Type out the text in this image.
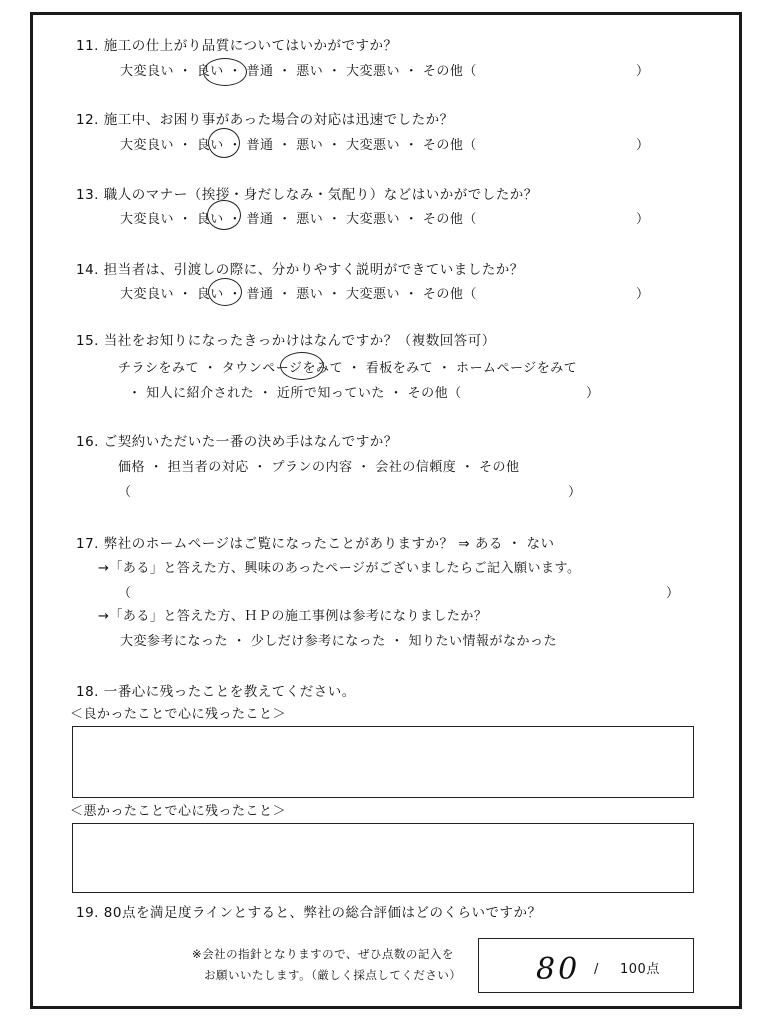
11. 施工の仕上がり品質についてはいかがですか？
大変良い ・ 良い ・ 普通 ・ 悪い ・ 大変悪い ・ その他（	）
12. 施工中、お困り事があった場合の対応は迅速でしたか？
大変良い ・ 良い ・ 普通 ・ 悪い ・ 大変悪い ・ その他（	）
13. 職人のマナー（挨拶・身だしなみ・気配り）などはいかがでしたか？
大変良い ・ 良い ・ 普通 ・ 悪い ・ 大変悪い ・ その他（	）
14. 担当者は、引渡しの際に、分かりやすく説明ができていましたか？
大変良い ・ 良い ・ 普通 ・ 悪い ・ 大変悪い ・ その他（	）
15. 当社をお知りになったきっかけはなんですか？（複数回答可）
チラシをみて ・ タウンページをみて ・ 看板をみて ・ ホームページをみて
・ 知人に紹介された ・ 近所で知っていた ・ その他（	）
16. ご契約いただいた一番の決め手はなんですか？
価格 ・ 担当者の対応 ・ プランの内容 ・ 会社の信頼度 ・ その他
（	）
17. 弊社のホームページはご覧になったことがありますか？ ⇒ ある ・ ない
→「ある」と答えた方、興味のあったページがございましたらご記入願います。
（	）
→「ある」と答えた方、ＨＰの施工事例は参考になりましたか？
大変参考になった ・ 少しだけ参考になった ・ 知りたい情報がなかった
18. 一番心に残ったことを教えてください。
＜良かったことで心に残ったこと＞
＜悪かったことで心に残ったこと＞
19. 80点を満足度ラインとすると、弊社の総合評価はどのくらいですか？
※会社の指針となりますので、ぜひ点数の記入を
お願いいたします。（厳しく採点してください） 80 / 100点
